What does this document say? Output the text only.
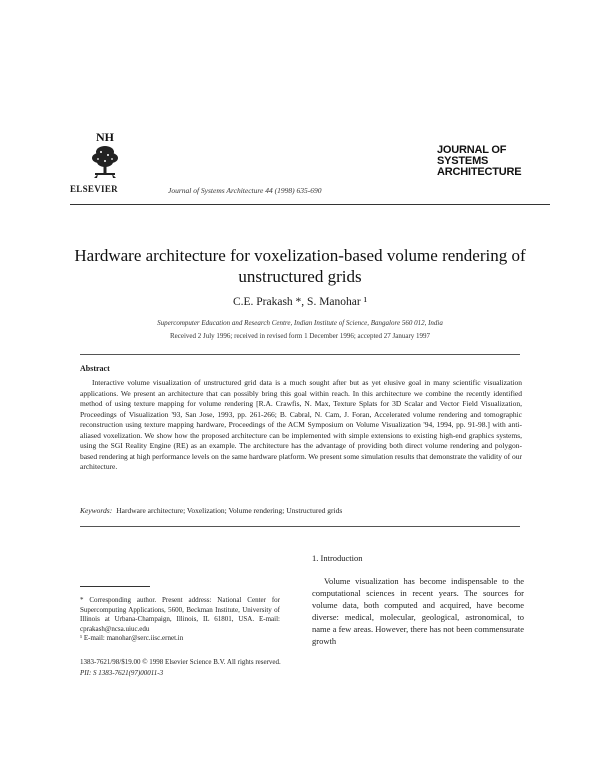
NH
ELSEVIER	Journal of Systems Architecture 44 (1998) 635-690
JOURNAL OF
SYSTEMS
ARCHITECTURE
Hardware architecture for voxelization-based volume rendering of unstructured grids
C.E. Prakash *, S. Manohar ¹
Supercomputer Education and Research Centre, Indian Institute of Science, Bangalore 560 012, India
Received 2 July 1996; received in revised form 1 December 1996; accepted 27 January 1997
Abstract
Interactive volume visualization of unstructured grid data is a much sought after but as yet elusive goal in many scientific visualization applications. We present an architecture that can possibly bring this goal within reach. In this architecture we combine the recently identified method of using texture mapping for volume rendering [R.A. Crawfis, N. Max, Texture Splats for 3D Scalar and Vector Field Visualization, Proceedings of Visualization '93, San Jose, 1993, pp. 261-266; B. Cabral, N. Cam, J. Foran, Accelerated volume rendering and tomographic reconstruction using texture mapping hardware, Proceedings of the ACM Symposium on Volume Visualization '94, 1994, pp. 91-98.] with anti-aliased voxelization. We show how the proposed architecture can be implemented with simple extensions to existing high-end graphics systems, using the SGI Reality Engine (RE) as an example. The architecture has the advantage of providing both direct volume rendering and polygon-based rendering at high performance levels on the same hardware platform. We present some simulation results that demonstrate the validity of our architecture.
Keywords: Hardware architecture; Voxelization; Volume rendering; Unstructured grids
1. Introduction
Volume visualization has become indispensable to the computational sciences in recent years. The sources for volume data, both computed and acquired, have become diverse: medical, molecular, geological, astronomical, to name a few areas. However, there has not been commensurate growth
* Corresponding author. Present address: National Center for Supercomputing Applications, 5600, Beckman Institute, University of Illinois at Urbana-Champaign, Illinois, IL 61801, USA. E-mail: cprakash@ncsa.uiuc.edu
¹ E-mail: manohar@serc.iisc.ernet.in
1383-7621/98/$19.00 © 1998 Elsevier Science B.V. All rights reserved.
PII: S 1383-7621(97)00011-3
